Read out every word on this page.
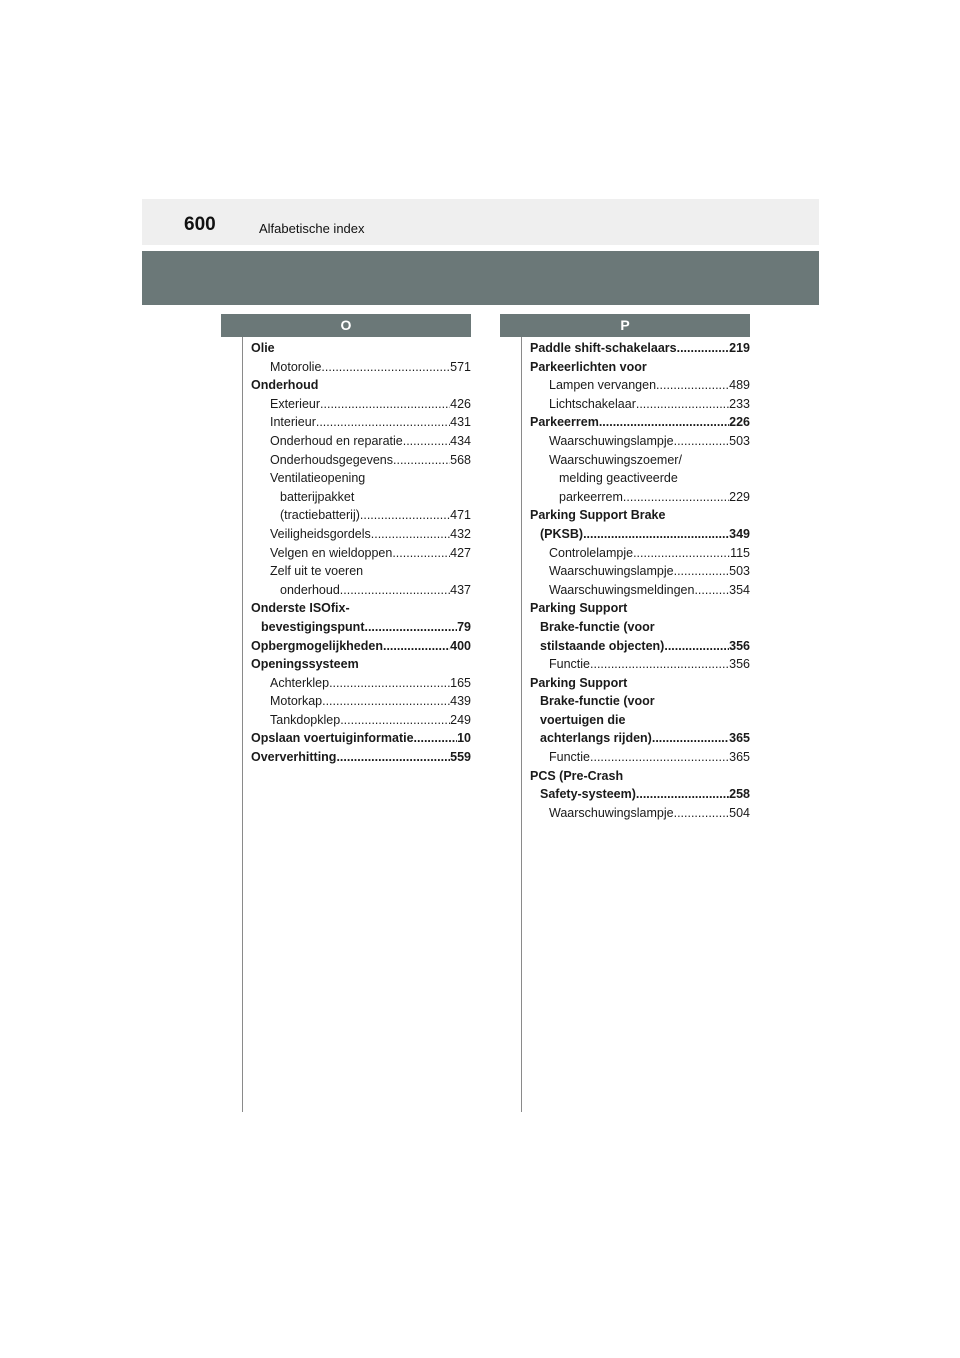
600	Alfabetische index
O	P
Olie
Motorolie .....	571
Onderhoud
Exterieur .....	426
Interieur .....	431
Onderhoud en reparatie .....	434
Onderhoudsgegevens .....	568
Ventilatieopening
batterijpakket
(tractiebatterij) .....	471
Veiligheidsgordels .....	432
Velgen en wieldoppen .....	427
Zelf uit te voeren
onderhoud .....	437
Onderste ISOfix-
bevestigingspunt .....	79
Opbergmogelijkheden .....	400
Openingssysteem
Achterklep .....	165
Motorkap .....	439
Tankdopklep .....	249
Opslaan voertuiginformatie .....	10
Oververhitting .....	559
Paddle shift-schakelaars .....	219
Parkeerlichten voor
Lampen vervangen .....	489
Lichtschakelaar .....	233
Parkeerrem .....	226
Waarschuwingslampje .....	503
Waarschuwingszoemer/
melding geactiveerde
parkeerrem .....	229
Parking Support Brake
(PKSB) .....	349
Controlelampje .....	115
Waarschuwingslampje .....	503
Waarschuwingsmeldingen .....	354
Parking Support
Brake-functie (voor
stilstaande objecten) .....	356
Functie .....	356
Parking Support
Brake-functie (voor
voertuigen die
achterlangs rijden) .....	365
Functie .....	365
PCS (Pre-Crash
Safety-systeem) .....	258
Waarschuwingslampje .....	504
